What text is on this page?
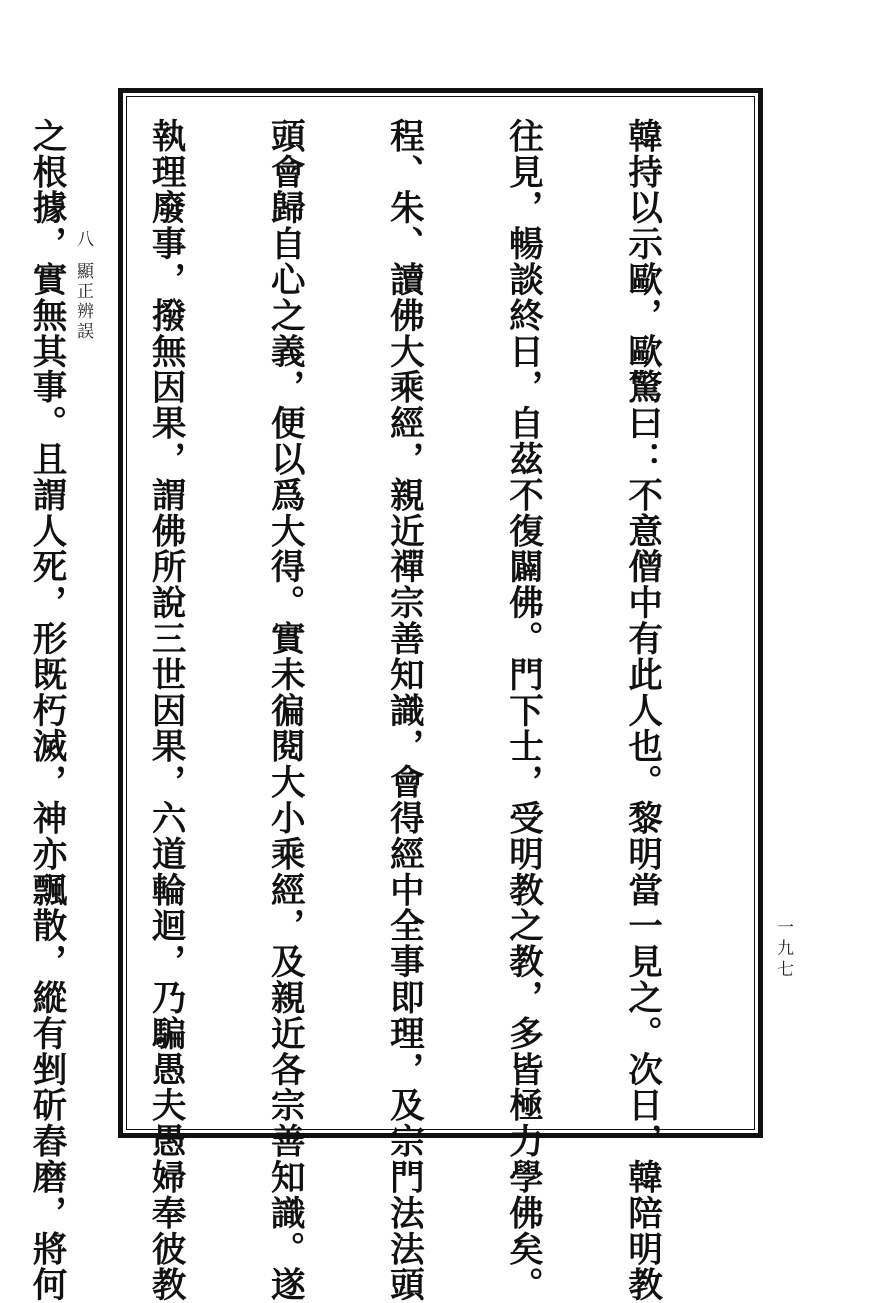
八
顯正辨誤
一九七

韓持以示歐，歐驚曰：不意僧中有此人也。黎明當一見之。次日，韓陪明教

往見，暢談終日，自茲不復闢佛。門下士，受明教之教，多皆極力學佛矣。

程、朱、讀佛大乘經，親近禪宗善知識，會得經中全事即理，及宗門法法頭

頭會歸自心之義，便以爲大得。實未徧閱大小乘經，及親近各宗善知識。遂

執理廢事，撥無因果，謂佛所說三世因果，六道輪迴，乃騙愚夫愚婦奉彼教

之根據，實無其事。且謂人死，形既朽滅，神亦飄散，縱有剉斫舂磨，將何
